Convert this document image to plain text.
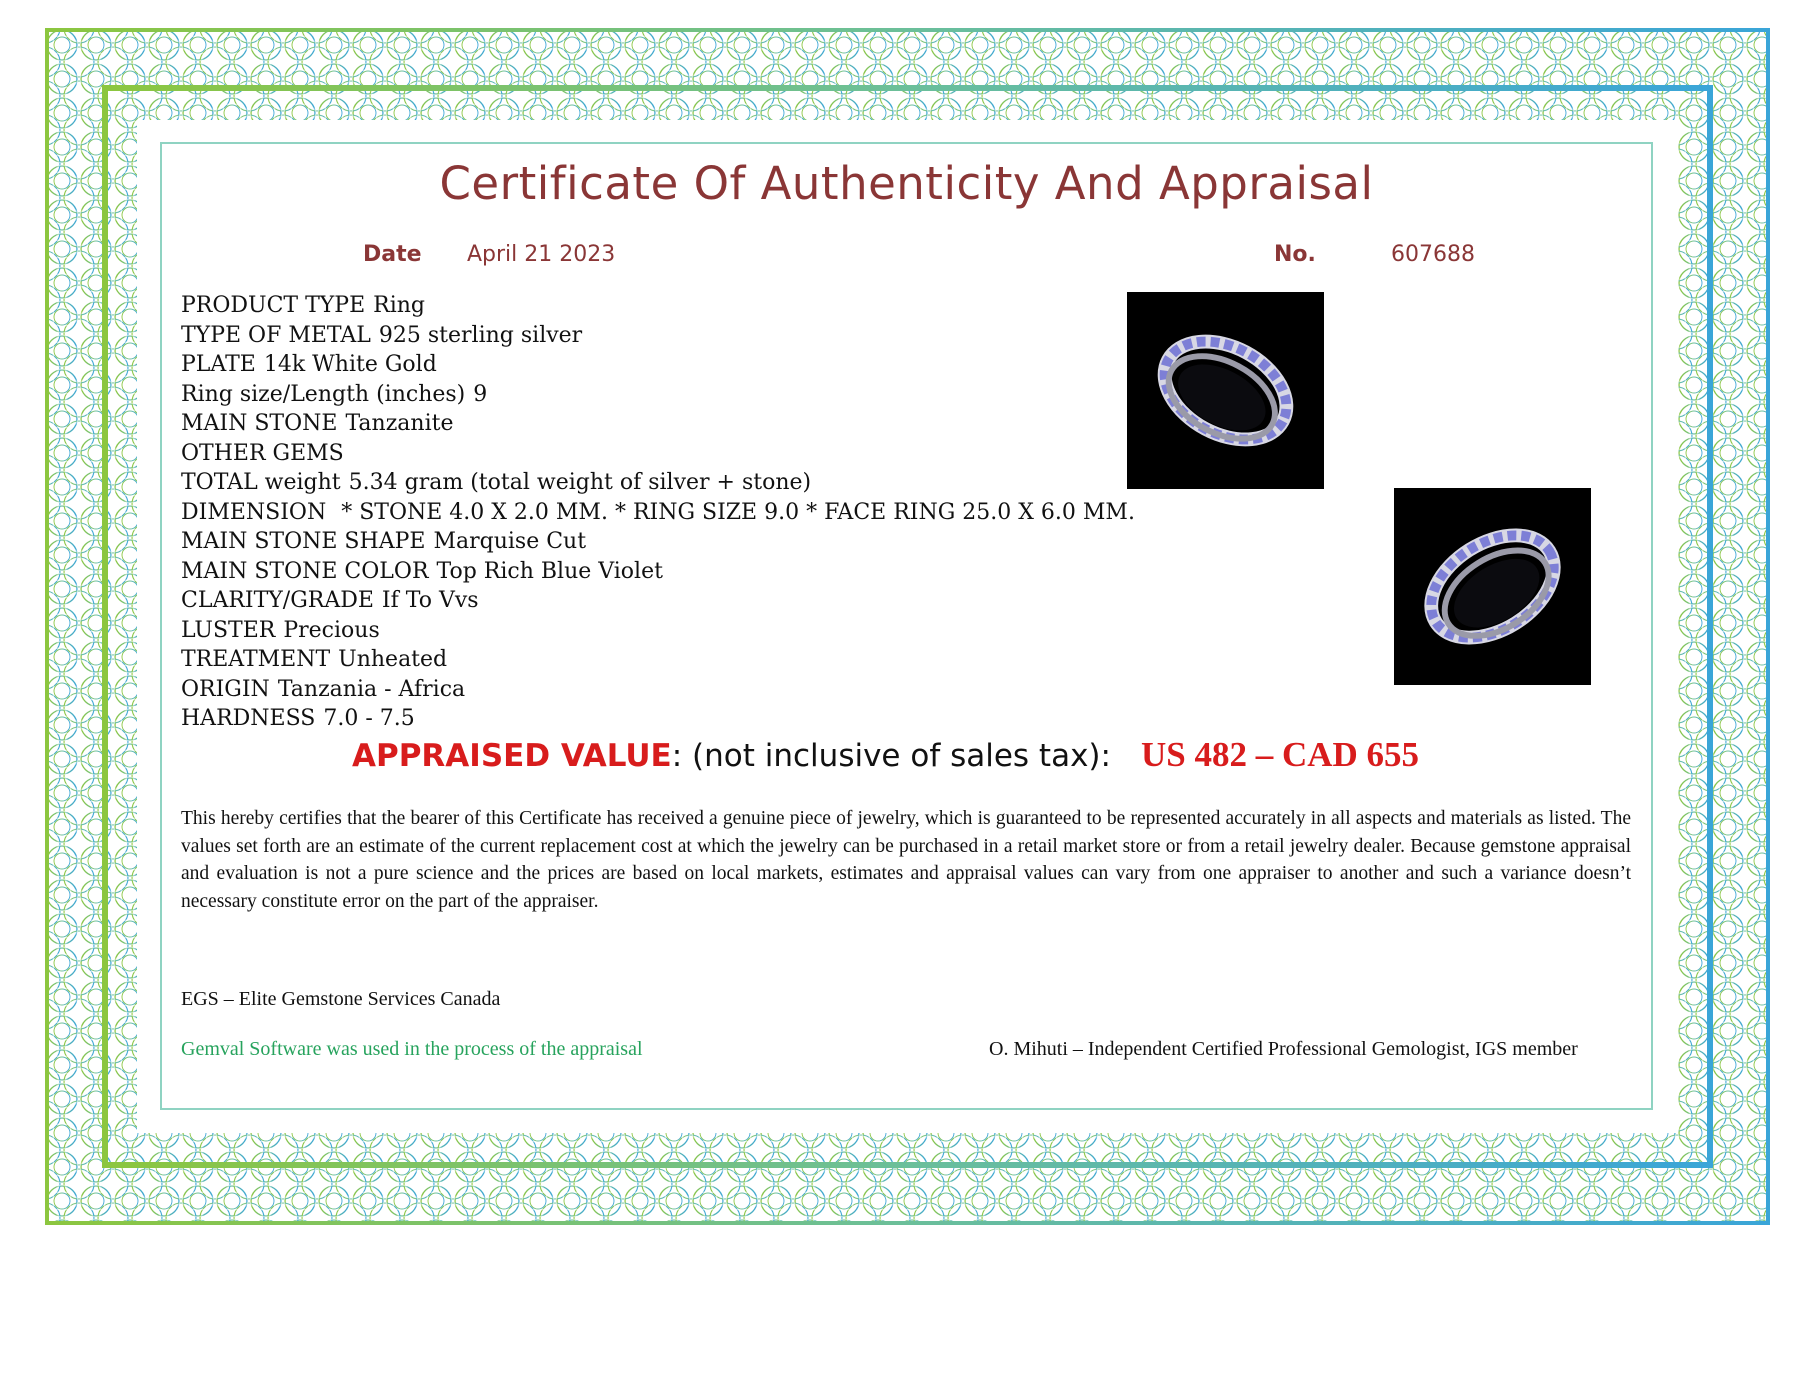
Certificate Of Authenticity And Appraisal
Date April 21 2023	No.	607688
PRODUCT TYPE Ring
TYPE OF METAL 925 sterling silver
PLATE 14k White Gold
Ring size/Length (inches) 9
MAIN STONE Tanzanite
OTHER GEMS
TOTAL weight 5.34 gram (total weight of silver + stone)
DIMENSION * STONE 4.0 X 2.0 MM. * RING SIZE 9.0 * FACE RING 25.0 X 6.0 MM.
MAIN STONE SHAPE Marquise Cut
MAIN STONE COLOR Top Rich Blue Violet
CLARITY/GRADE If To Vvs
LUSTER Precious
TREATMENT Unheated
ORIGIN Tanzania - Africa
HARDNESS 7.0 - 7.5
APPRAISED VALUE: (not inclusive of sales tax): US 482 – CAD 655

This hereby certifies that the bearer of this Certificate has received a genuine piece of jewelry, which is guaranteed to be represented accurately in all aspects and materials as listed. The values set forth are an estimate of the current replacement cost at which the jewelry can be purchased in a retail market store or from a retail jewelry dealer. Because gemstone appraisal and evaluation is not a pure science and the prices are based on local markets, estimates and appraisal values can vary from one appraiser to another and such a variance doesn’t necessary constitute error on the part of the appraiser.

EGS – Elite Gemstone Services Canada
Gemval Software was used in the process of the appraisal	O. Mihuti – Independent Certified Professional Gemologist, IGS member
